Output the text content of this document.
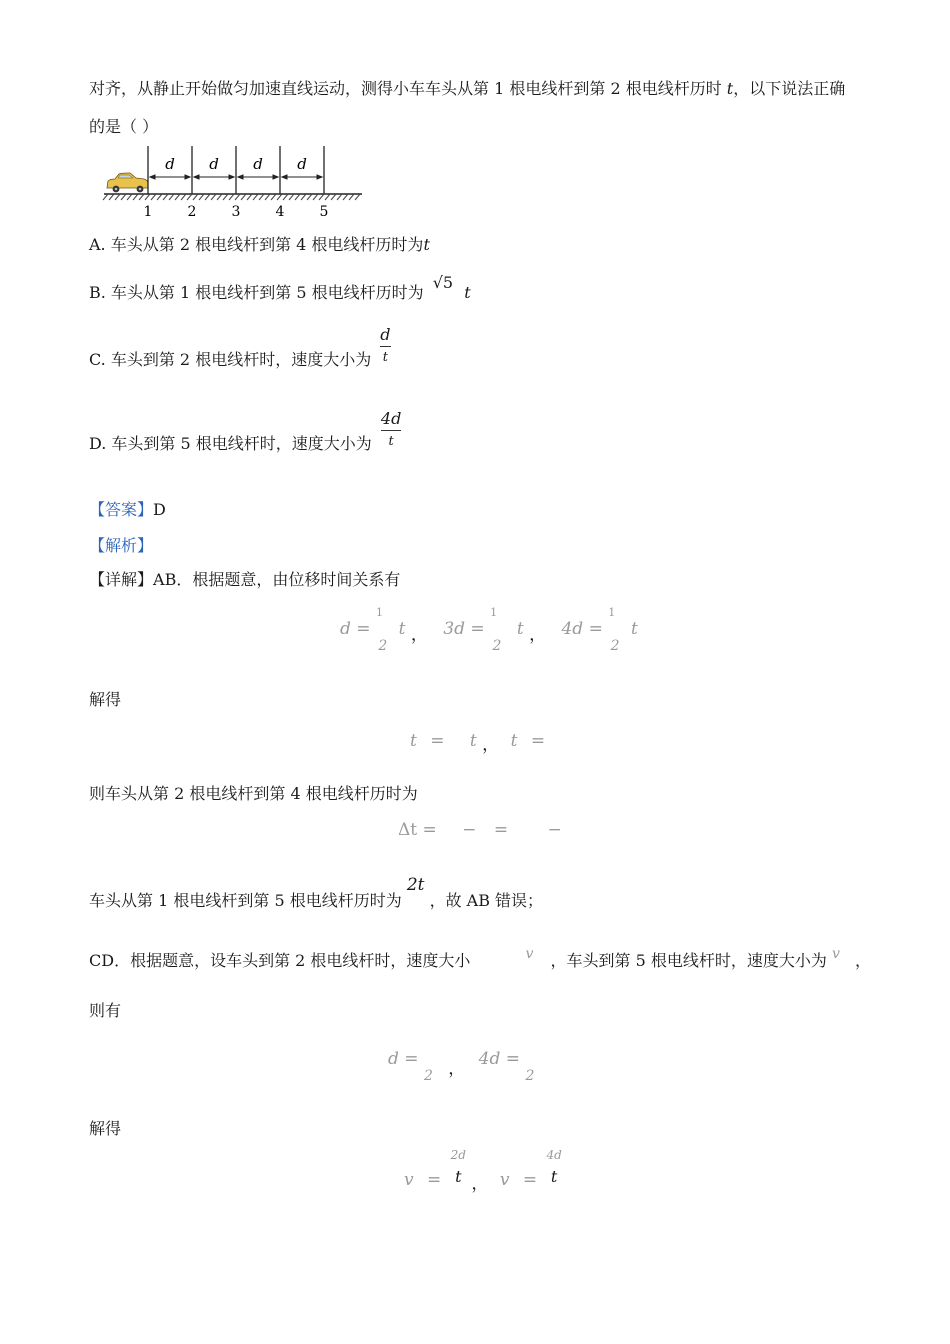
对齐，从静止开始做匀加速直线运动，测得小车车头从第 1 根电线杆到第 2 根电线杆历时 t，以下说法正确
的是（ ）
d d d d
1	2	3	4	5
A. 车头从第 2 根电线杆到第 4 根电线杆历时为t
B. 车头从第 1 根电线杆到第 5 根电线杆历时为 √5 t
C. 车头到第 2 根电线杆时，速度大小为 $\frac{d}{t}$
D. 车头到第 5 根电线杆时，速度大小为 $\frac{4d}{t}$
【答案】D
【解析】
【详解】AB．根据题意，由位移时间关系有
d = $^1$ $_2$ t ， 3d = $^1$ $_2$ t ， 4d = $^1$ $_2$ t
解得
t = t ， t =
则车头从第 2 根电线杆到第 4 根电线杆历时为
Δt = − = −
车头从第 1 根电线杆到第 5 根电线杆历时为 2t ，故 AB 错误；
CD．根据题意，设车头到第 2 根电线杆时，速度大小	v ，车头到第 5 根电线杆时，速度大小为 v ，
则有
d = $_2$ ， 4d = $_2$
解得
v =
2d
t ， v =
4d
t
